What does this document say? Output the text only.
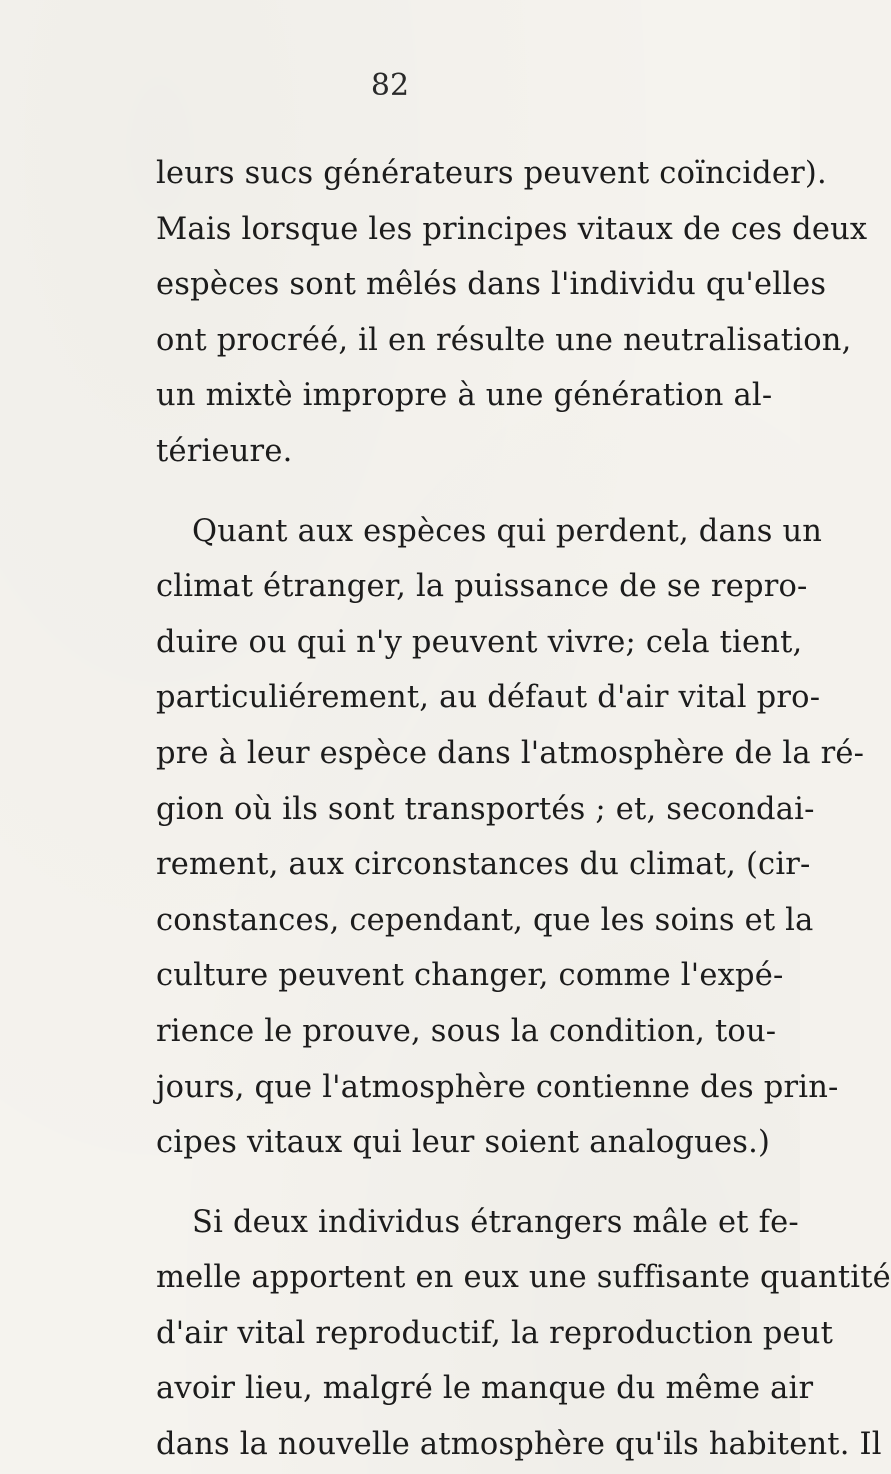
82
leurs sucs générateurs peuvent coïncider).
Mais lorsque les principes vitaux de ces deux
espèces sont mêlés dans l'individu qu'elles
ont procréé, il en résulte une neutralisation,
un mixtè impropre à une génération al-
térieure.
Quant aux espèces qui perdent, dans un
climat étranger, la puissance de se repro-
duire ou qui n'y peuvent vivre; cela tient,
particuliérement, au défaut d'air vital pro-
pre à leur espèce dans l'atmosphère de la ré-
gion où ils sont transportés ; et, secondai-
rement, aux circonstances du climat, (cir-
constances, cependant, que les soins et la
culture peuvent changer, comme l'expé-
rience le prouve, sous la condition, tou-
jours, que l'atmosphère contienne des prin-
cipes vitaux qui leur soient analogues.)
Si deux individus étrangers mâle et fe-
melle apportent en eux une suffisante quantité
d'air vital reproductif, la reproduction peut
avoir lieu, malgré le manque du même air
dans la nouvelle atmosphère qu'ils habitent. Il
